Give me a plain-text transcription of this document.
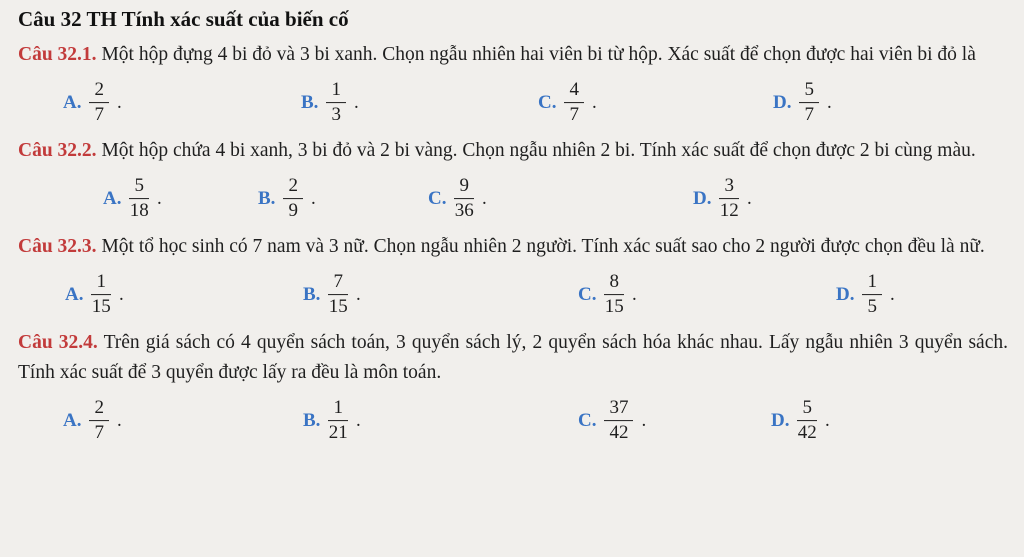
Câu 32 TH Tính xác suất của biến cố

Câu 32.1. Một hộp đựng 4 bi đỏ và 3 bi xanh. Chọn ngẫu nhiên hai viên bi từ hộp. Xác suất để chọn được hai viên bi đỏ là

A. $\frac{2}{7}$ .	B. $\frac{1}{3}$ .	C. $\frac{4}{7}$ .	D. $\frac{5}{7}$ .

Câu 32.2. Một hộp chứa 4 bi xanh, 3 bi đỏ và 2 bi vàng. Chọn ngẫu nhiên 2 bi. Tính xác suất để chọn được 2 bi cùng màu.

A. $\frac{5}{18}$ .	B. $\frac{2}{9}$ .	C. $\frac{9}{36}$ .	D. $\frac{3}{12}$ .

Câu 32.3. Một tổ học sinh có 7 nam và 3 nữ. Chọn ngẫu nhiên 2 người. Tính xác suất sao cho 2 người được chọn đều là nữ.

A. $\frac{1}{15}$ .	B. $\frac{7}{15}$ .	C. $\frac{8}{15}$ .	D. $\frac{1}{5}$ .

Câu 32.4. Trên giá sách có 4 quyển sách toán, 3 quyển sách lý, 2 quyển sách hóa khác nhau. Lấy ngẫu nhiên 3 quyển sách. Tính xác suất để 3 quyển được lấy ra đều là môn toán.

A. $\frac{2}{7}$ .	B. $\frac{1}{21}$ .	C. $\frac{37}{42}$ .	D. $\frac{5}{42}$ .
